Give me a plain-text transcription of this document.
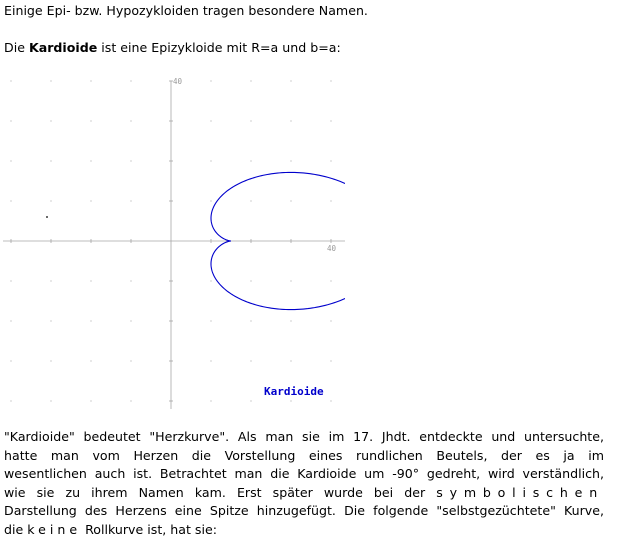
Einige Epi- bzw. Hypozykloiden tragen besondere Namen.

Die Kardioide ist eine Epizykloide mit R=a und b=a:

40
40
Kardioide
"Kardioide" bedeutet "Herzkurve". Als man sie im 17. Jhdt. entdeckte und untersuchte,
hatte man vom Herzen die Vorstellung eines rundlichen Beutels, der es ja im
wesentlichen auch ist. Betrachtet man die Kardioide um -90° gedreht, wird verständlich,
wie sie zu ihrem Namen kam. Erst später wurde bei der symbolischen
Darstellung des Herzens eine Spitze hinzugefügt. Die folgende "selbstgezüchtete" Kurve,
die keine Rollkurve ist, hat sie:
